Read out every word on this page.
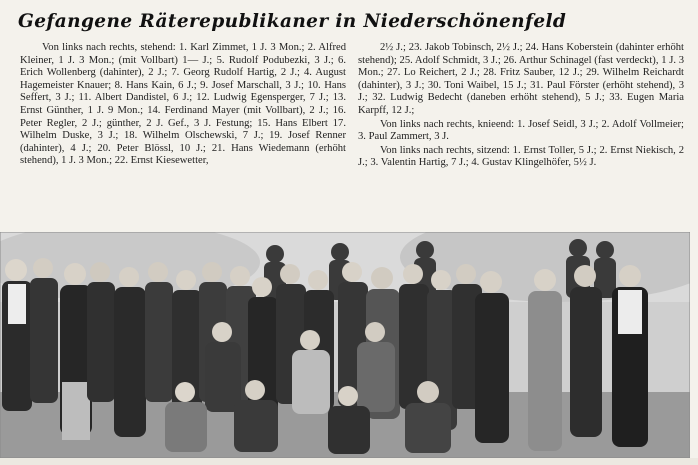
Gefangene Räterepublikaner in Niederschönenfeld

Von links nach rechts, stehend: 1. Karl Zimmet, 1 J. 3 Mon.; 2. Alfred Kleiner, 1 J. 3 Mon.; (mit Vollbart) 1— J.; 5. Rudolf Podubezki, 3 J.; 6. Erich Wollenberg (dahinter), 2 J.; 7. Georg Rudolf Hartig, 2 J.; 4. August Hagemeister Knauer; 8. Hans Kain, 6 J.; 9. Josef Marschall, 3 J.; 10. Hans Seffert, 3 J.; 11. Albert Dandistel, 6 J.; 12. Ludwig Egensperger, 7 J.; 13. Ernst Günther, 1 J. 9 Mon.; 14. Ferdinand Mayer (mit Vollbart), 2 J.; 16. Peter Regler, 2 J.; günther, 2 J. Gef., 3 J. Festung; 15. Hans Elbert 17. Wilhelm Duske, 3 J.; 18. Wilhelm Olschewski, 7 J.; 19. Josef Renner (dahinter), 4 J.; 20. Peter Blössl, 10 J.; 21. Hans Wiedemann (erhöht stehend), 1 J. 3 Mon.; 22. Ernst Kiesewetter,

2½ J.; 23. Jakob Tobinsch, 2½ J.; 24. Hans Koberstein (dahinter erhöht stehend); 25. Adolf Schmidt, 3 J.; 26. Arthur Schinagel (fast verdeckt), 1 J. 3 Mon.; 27. Lo Reichert, 2 J.; 28. Fritz Sauber, 12 J.; 29. Wilhelm Reichardt (dahinter), 3 J.; 30. Toni Waibel, 15 J.; 31. Paul Förster (erhöht stehend), 3 J.; 32. Ludwig Bedecht (daneben erhöht stehend), 5 J.; 33. Eugen Maria Karpff, 12 J.;

Von links nach rechts, knieend: 1. Josef Seidl, 3 J.; 2. Adolf Vollmeier; 3. Paul Zammert, 3 J.

Von links nach rechts, sitzend: 1. Ernst Toller, 5 J.; 2. Ernst Niekisch, 2 J.; 3. Valentin Hartig, 7 J.; 4. Gustav Klingelhöfer, 5½ J.
